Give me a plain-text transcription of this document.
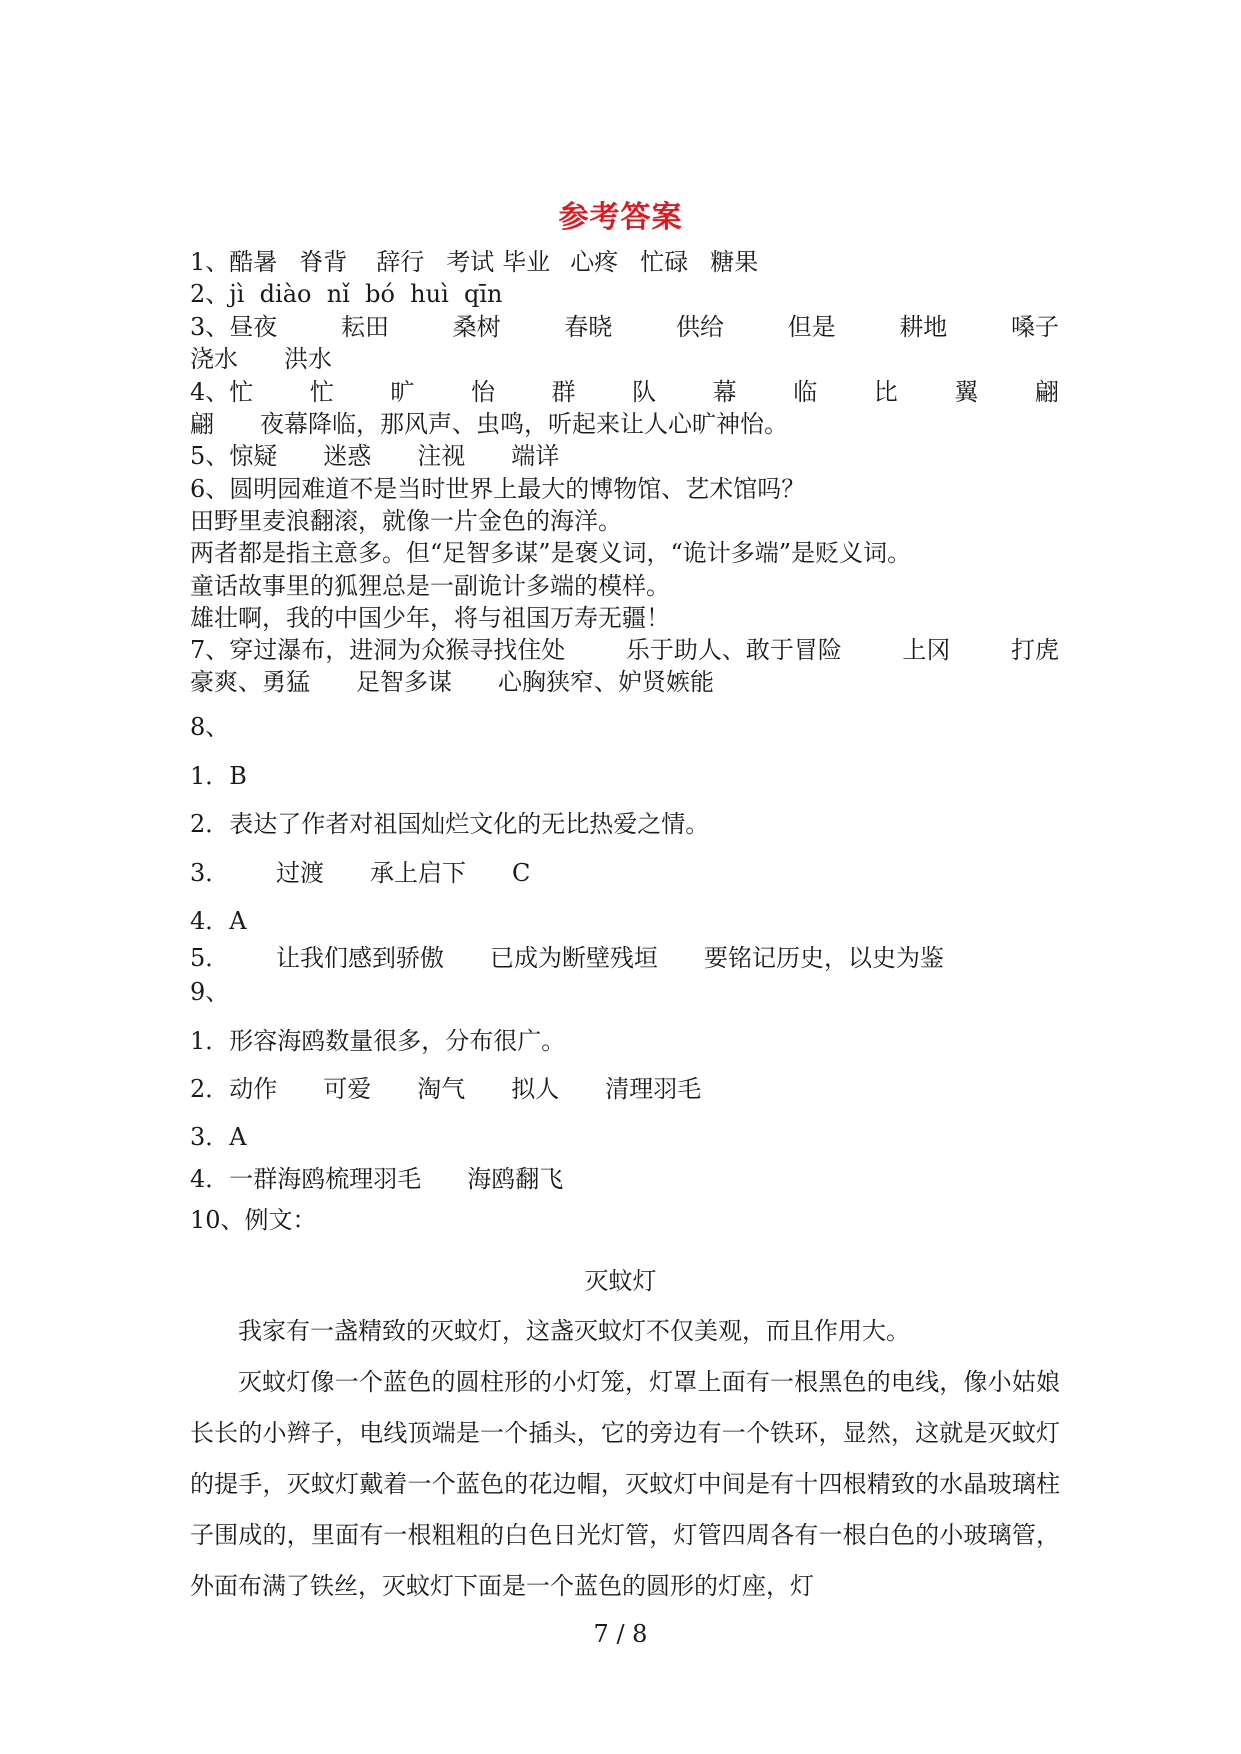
参考答案
1、酷暑 脊背 辞行 考试 毕业 心疼 忙碌 糖果
2、jì  diào  nǐ  bó  huì  qīn
3、昼夜	耘田	桑树	春晓	供给	但是	耕地	嗓子
浇水 洪水
4、忙 忙 旷 怡 群 队 幕 临 比 翼 翩
翩 夜幕降临，那风声、虫鸣，听起来让人心旷神怡。
5、惊疑 迷惑 注视 端详
6、圆明园难道不是当时世界上最大的博物馆、艺术馆吗？
田野里麦浪翻滚，就像一片金色的海洋。
两者都是指主意多。但“足智多谋”是褒义词，“诡计多端”是贬义词。
童话故事里的狐狸总是一副诡计多端的模样。
雄壮啊，我的中国少年，将与祖国万寿无疆！
7、穿过瀑布，进洞为众猴寻找住处	乐于助人、敢于冒险	上冈	打虎
豪爽、勇猛 足智多谋 心胸狭窄、妒贤嫉能
8、
1．B
2．表达了作者对祖国灿烂文化的无比热爱之情。
3． 过渡 承上启下 C
4．A
5． 让我们感到骄傲 已成为断壁残垣 要铭记历史，以史为鉴
9、
1．形容海鸥数量很多，分布很广。
2．动作 可爱 淘气 拟人 清理羽毛
3．A
4．一群海鸥梳理羽毛 海鸥翻飞
10、例文：
灭蚊灯

我家有一盏精致的灭蚊灯，这盏灭蚊灯不仅美观，而且作用大。

灭蚊灯像一个蓝色的圆柱形的小灯笼，灯罩上面有一根黑色的电线，像小姑娘长长的小辫子，电线顶端是一个插头，它的旁边有一个铁环，显然，这就是灭蚊灯的提手，灭蚊灯戴着一个蓝色的花边帽，灭蚊灯中间是有十四根精致的水晶玻璃柱子围成的，里面有一根粗粗的白色日光灯管，灯管四周各有一根白色的小玻璃管，外面布满了铁丝，灭蚊灯下面是一个蓝色的圆形的灯座，灯

7 / 8
